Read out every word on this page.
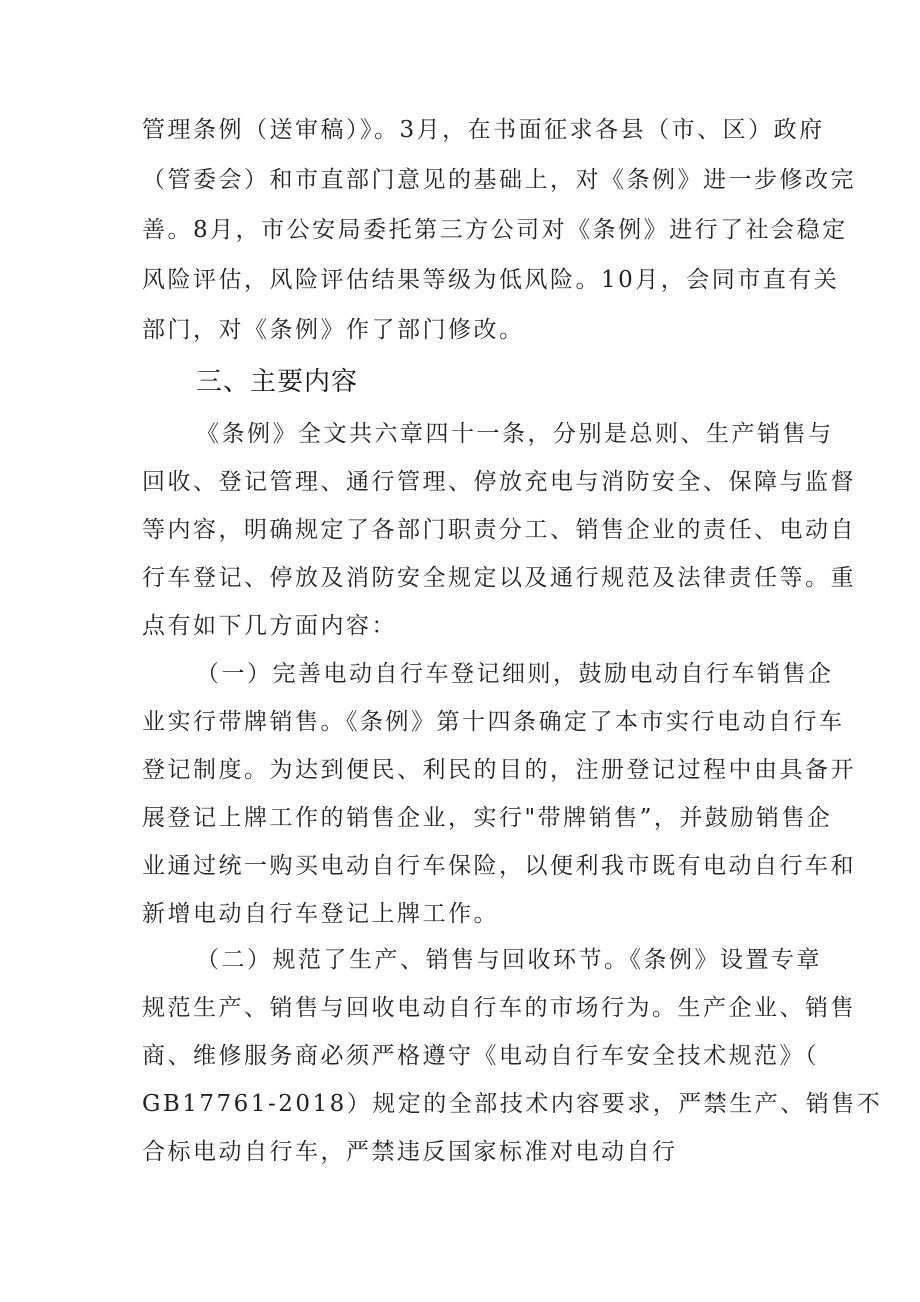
管理条例（送审稿）》。3月，在书面征求各县（市、区）政府
（管委会）和市直部门意见的基础上，对《条例》进一步修改完
善。8月，市公安局委托第三方公司对《条例》进行了社会稳定
风险评估，风险评估结果等级为低风险。10月，会同市直有关
部门，对《条例》作了部门修改。
三、主要内容
《条例》全文共六章四十一条，分别是总则、生产销售与
回收、登记管理、通行管理、停放充电与消防安全、保障与监督
等内容，明确规定了各部门职责分工、销售企业的责任、电动自
行车登记、停放及消防安全规定以及通行规范及法律责任等。重
点有如下几方面内容：
（一）完善电动自行车登记细则，鼓励电动自行车销售企
业实行带牌销售。《条例》第十四条确定了本市实行电动自行车
登记制度。为达到便民、利民的目的，注册登记过程中由具备开
展登记上牌工作的销售企业，实行"带牌销售”，并鼓励销售企
业通过统一购买电动自行车保险，以便利我市既有电动自行车和
新增电动自行车登记上牌工作。
（二）规范了生产、销售与回收环节。《条例》设置专章
规范生产、销售与回收电动自行车的市场行为。生产企业、销售
商、维修服务商必须严格遵守《电动自行车安全技术规范》（
GB17761-2018）规定的全部技术内容要求，严禁生产、销售不
合标电动自行车，严禁违反国家标准对电动自行
